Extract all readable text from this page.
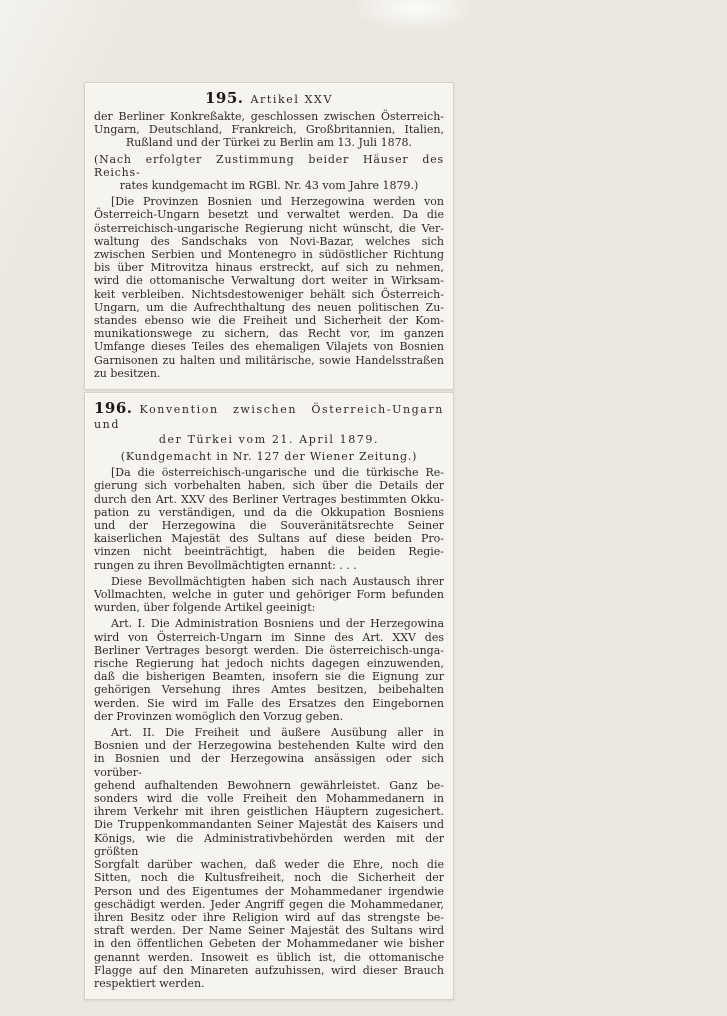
195. Artikel XXV
der Berliner Konkreßakte, geschlossen zwischen Österreich-
Ungarn, Deutschland, Frankreich, Großbritannien, Italien,
Rußland und der Türkei zu Berlin am 13. Juli 1878.
(Nach erfolgter Zustimmung beider Häuser des Reichs-
rates kundgemacht im RGBl. Nr. 43 vom Jahre 1879.)
[Die Provinzen Bosnien und Herzegowina werden von
Österreich-Ungarn besetzt und verwaltet werden. Da die
österreichisch-ungarische Regierung nicht wünscht, die Ver-
waltung des Sandschaks von Novi-Bazar, welches sich
zwischen Serbien und Montenegro in südöstlicher Richtung
bis über Mitrovitza hinaus erstreckt, auf sich zu nehmen,
wird die ottomanische Verwaltung dort weiter in Wirksam-
keit verbleiben. Nichtsdestoweniger behält sich Österreich-
Ungarn, um die Aufrechthaltung des neuen politischen Zu-
standes ebenso wie die Freiheit und Sicherheit der Kom-
munikationswege zu sichern, das Recht vor, im ganzen
Umfange dieses Teiles des ehemaligen Vilajets von Bosnien
Garnisonen zu halten und militärische, sowie Handelsstraßen
zu besitzen.
196. Konvention zwischen Österreich-Ungarn und
der Türkei vom 21. April 1879.
(Kundgemacht in Nr. 127 der Wiener Zeitung.)
[Da die österreichisch-ungarische und die türkische Re-
gierung sich vorbehalten haben, sich über die Details der
durch den Art. XXV des Berliner Vertrages bestimmten Okku-
pation zu verständigen, und da die Okkupation Bosniens
und der Herzegowina die Souveränitätsrechte Seiner
kaiserlichen Majestät des Sultans auf diese beiden Pro-
vinzen nicht beeinträchtigt, haben die beiden Regie-
rungen zu ihren Bevollmächtigten ernannt: . . .
Diese Bevollmächtigten haben sich nach Austausch ihrer
Vollmachten, welche in guter und gehöriger Form befunden
wurden, über folgende Artikel geeinigt:
Art. I. Die Administration Bosniens und der Herzegowina
wird von Österreich-Ungarn im Sinne des Art. XXV des
Berliner Vertrages besorgt werden. Die österreichisch-unga-
rische Regierung hat jedoch nichts dagegen einzuwenden,
daß die bisherigen Beamten, insofern sie die Eignung zur
gehörigen Versehung ihres Amtes besitzen, beibehalten
werden. Sie wird im Falle des Ersatzes den Eingebornen
der Provinzen womöglich den Vorzug geben.
Art. II. Die Freiheit und äußere Ausübung aller in
Bosnien und der Herzegowina bestehenden Kulte wird den
in Bosnien und der Herzegowina ansässigen oder sich vorüber-
gehend aufhaltenden Bewohnern gewährleistet. Ganz be-
sonders wird die volle Freiheit den Mohammedanern in
ihrem Verkehr mit ihren geistlichen Häuptern zugesichert.
Die Truppenkommandanten Seiner Majestät des Kaisers und
Königs, wie die Administrativbehörden werden mit der größten
Sorgfalt darüber wachen, daß weder die Ehre, noch die
Sitten, noch die Kultusfreiheit, noch die Sicherheit der
Person und des Eigentumes der Mohammedaner irgendwie
geschädigt werden. Jeder Angriff gegen die Mohammedaner,
ihren Besitz oder ihre Religion wird auf das strengste be-
straft werden. Der Name Seiner Majestät des Sultans wird
in den öffentlichen Gebeten der Mohammedaner wie bisher
genannt werden. Insoweit es üblich ist, die ottomanische
Flagge auf den Minareten aufzuhissen, wird dieser Brauch
respektiert werden.
